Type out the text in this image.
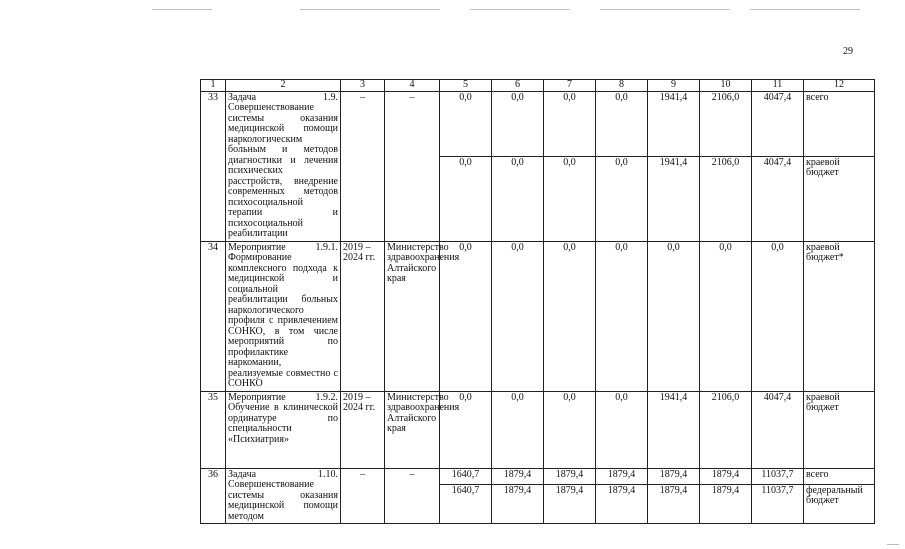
29
1	2	3	4	5	6	7	8	9	10	11	12
33	Задача 1.9. Совершенствование системы оказания медицинской помощи наркологическим больным и методов диагностики и лечения психических расстройств, внедрение современных методов психосоциальной терапии и психосоциальной реабилитации	–	–	0,0	0,0	0,0	0,0	1941,4	2106,0	4047,4	всего
				0,0	0,0	0,0	0,0	1941,4	2106,0	4047,4	краевой бюджет
34	Мероприятие 1.9.1. Формирование комплексного подхода к медицинской и социальной реабилитации больных наркологического профиля с привлечением СОНКО, в том числе мероприятий по профилактике наркомании, реализуемые совместно с СОНКО	2019 – 2024 гг.	Министерство здравоохранения Алтайского края	0,0	0,0	0,0	0,0	0,0	0,0	0,0	краевой бюджет*
35	Мероприятие 1.9.2. Обучение в клинической ординатуре по специальности «Психиатрия»	2019 – 2024 гг.	Министерство здравоохранения Алтайского края	0,0	0,0	0,0	0,0	1941,4	2106,0	4047,4	краевой бюджет
36	Задача 1.10. Совершенствование системы оказания медицинской помощи методом	–	–	1640,7	1879,4	1879,4	1879,4	1879,4	1879,4	11037,7	всего
				1640,7	1879,4	1879,4	1879,4	1879,4	1879,4	11037,7	федеральный бюджет
